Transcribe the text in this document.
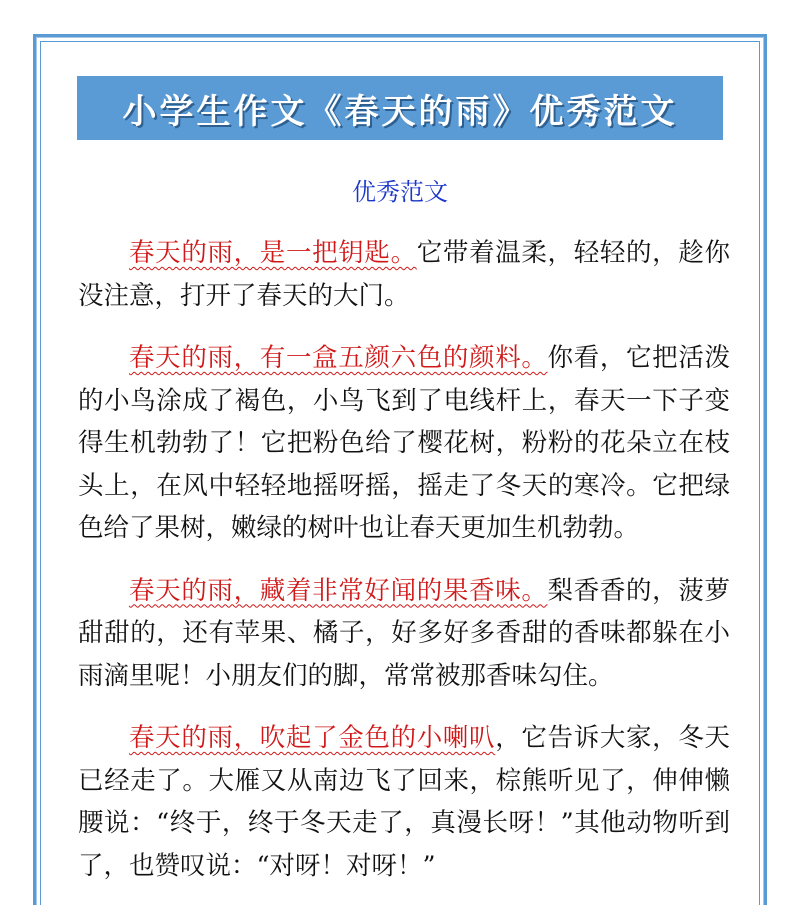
小学生作文《春天的雨》优秀范文
优秀范文

春天的雨，是一把钥匙。它带着温柔，轻轻的，趁你没注意，打开了春天的大门。

春天的雨，有一盒五颜六色的颜料。你看，它把活泼的小鸟涂成了褐色，小鸟飞到了电线杆上，春天一下子变得生机勃勃了！它把粉色给了樱花树，粉粉的花朵立在枝头上，在风中轻轻地摇呀摇，摇走了冬天的寒冷。它把绿色给了果树，嫩绿的树叶也让春天更加生机勃勃。

春天的雨，藏着非常好闻的果香味。梨香香的，菠萝甜甜的，还有苹果、橘子，好多好多香甜的香味都躲在小雨滴里呢！小朋友们的脚，常常被那香味勾住。

春天的雨，吹起了金色的小喇叭，它告诉大家，冬天已经走了。大雁又从南边飞了回来，棕熊听见了，伸伸懒腰说：“终于，终于冬天走了，真漫长呀！”其他动物听到了，也赞叹说：“对呀！对呀！”
